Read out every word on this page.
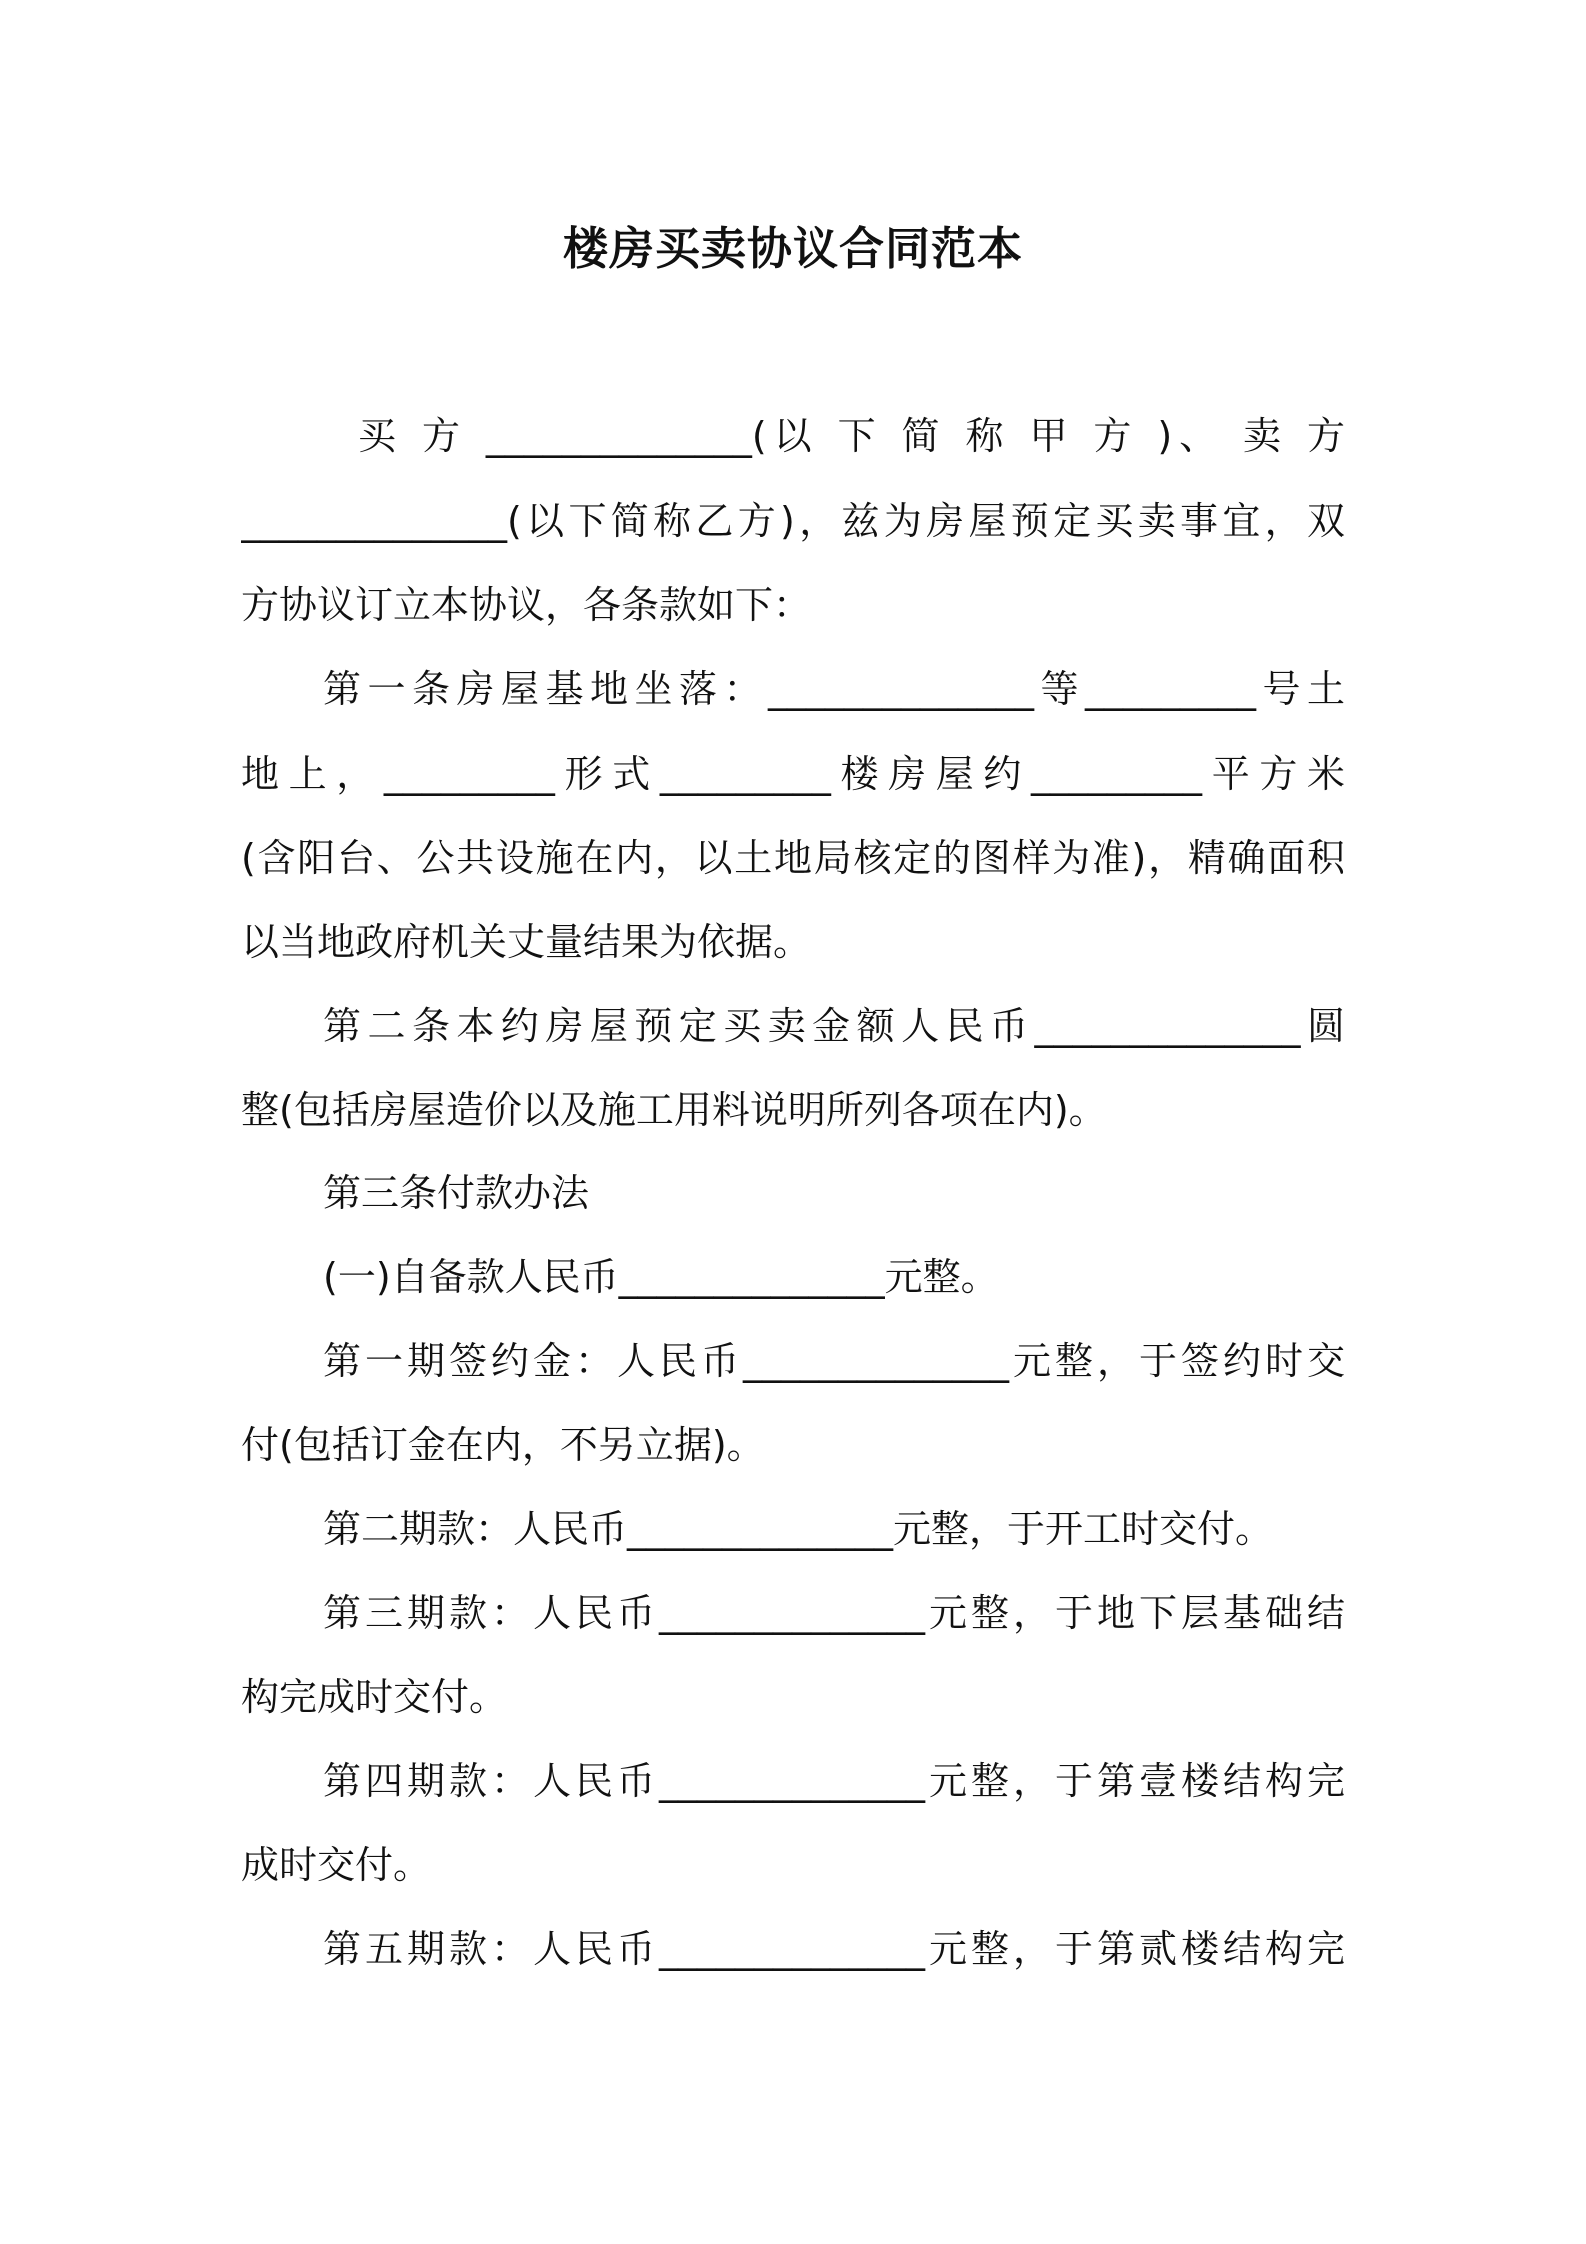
楼房买卖协议合同范本
买 方 ______________(以 下 简 称 甲 方 )、 卖 方
______________(以下简称乙方)，兹为房屋预定买卖事宜，双
方协议订立本协议，各条款如下：
第一条房屋基地坐落：______________等_________号土
地上，_________形式_________楼房屋约_________平方米
(含阳台、公共设施在内，以土地局核定的图样为准)，精确面积
以当地政府机关丈量结果为依据。
第二条本约房屋预定买卖金额人民币______________圆
整(包括房屋造价以及施工用料说明所列各项在内)。
第三条付款办法
(一)自备款人民币______________元整。
第一期签约金：人民币______________元整，于签约时交
付(包括订金在内，不另立据)。
第二期款：人民币______________元整，于开工时交付。
第三期款：人民币______________元整，于地下层基础结
构完成时交付。
第四期款：人民币______________元整，于第壹楼结构完
成时交付。
第五期款：人民币______________元整，于第贰楼结构完
